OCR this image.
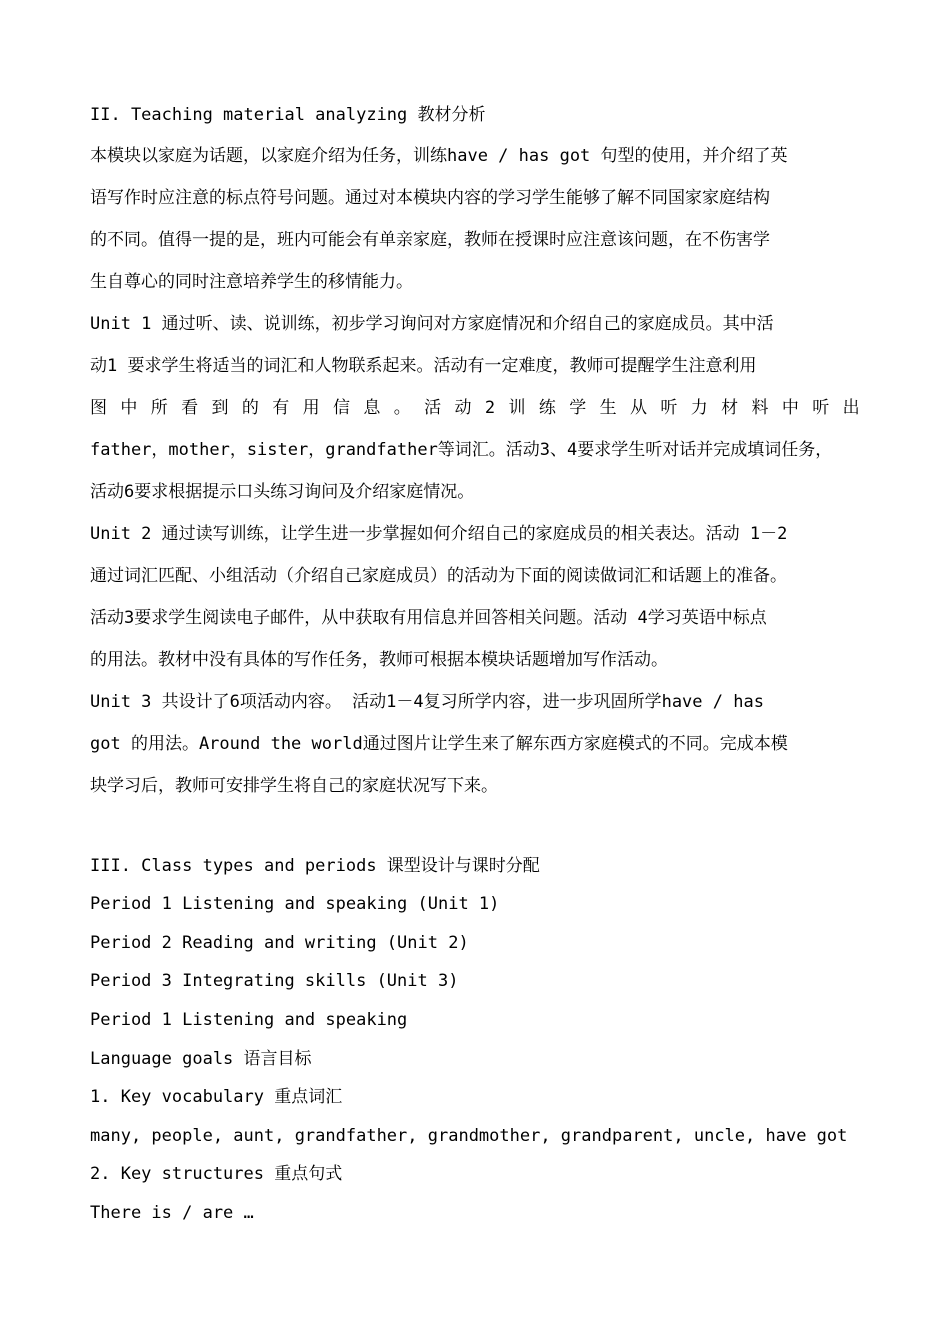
II. Teaching material analyzing 教材分析
本模块以家庭为话题，以家庭介绍为任务，训练have / has got 句型的使用，并介绍了英
语写作时应注意的标点符号问题。通过对本模块内容的学习学生能够了解不同国家家庭结构
的不同。值得一提的是，班内可能会有单亲家庭，教师在授课时应注意该问题，在不伤害学
生自尊心的同时注意培养学生的移情能力。
Unit 1 通过听、读、说训练，初步学习询问对方家庭情况和介绍自己的家庭成员。其中活
动1 要求学生将适当的词汇和人物联系起来。活动有一定难度，教师可提醒学生注意利用
图 中 所 看 到 的 有 用 信 息 。 活 动 2 训 练 学 生 从 听 力 材 料 中 听 出
father，mother，sister，grandfather等词汇。活动3、4要求学生听对话并完成填词任务，
活动6要求根据提示口头练习询问及介绍家庭情况。
Unit 2 通过读写训练，让学生进一步掌握如何介绍自己的家庭成员的相关表达。活动 1－2
通过词汇匹配、小组活动（介绍自己家庭成员）的活动为下面的阅读做词汇和话题上的准备。
活动3要求学生阅读电子邮件，从中获取有用信息并回答相关问题。活动 4学习英语中标点
的用法。教材中没有具体的写作任务，教师可根据本模块话题增加写作活动。
Unit 3 共设计了6项活动内容。 活动1－4复习所学内容，进一步巩固所学have / has
got 的用法。Around the world通过图片让学生来了解东西方家庭模式的不同。完成本模
块学习后，教师可安排学生将自己的家庭状况写下来。
III. Class types and periods 课型设计与课时分配
Period 1 Listening and speaking (Unit 1)
Period 2 Reading and writing (Unit 2)
Period 3 Integrating skills (Unit 3)
Period 1 Listening and speaking
Language goals 语言目标
1. Key vocabulary 重点词汇
many, people, aunt, grandfather, grandmother, grandparent, uncle, have got
2. Key structures 重点句式
There is / are …
